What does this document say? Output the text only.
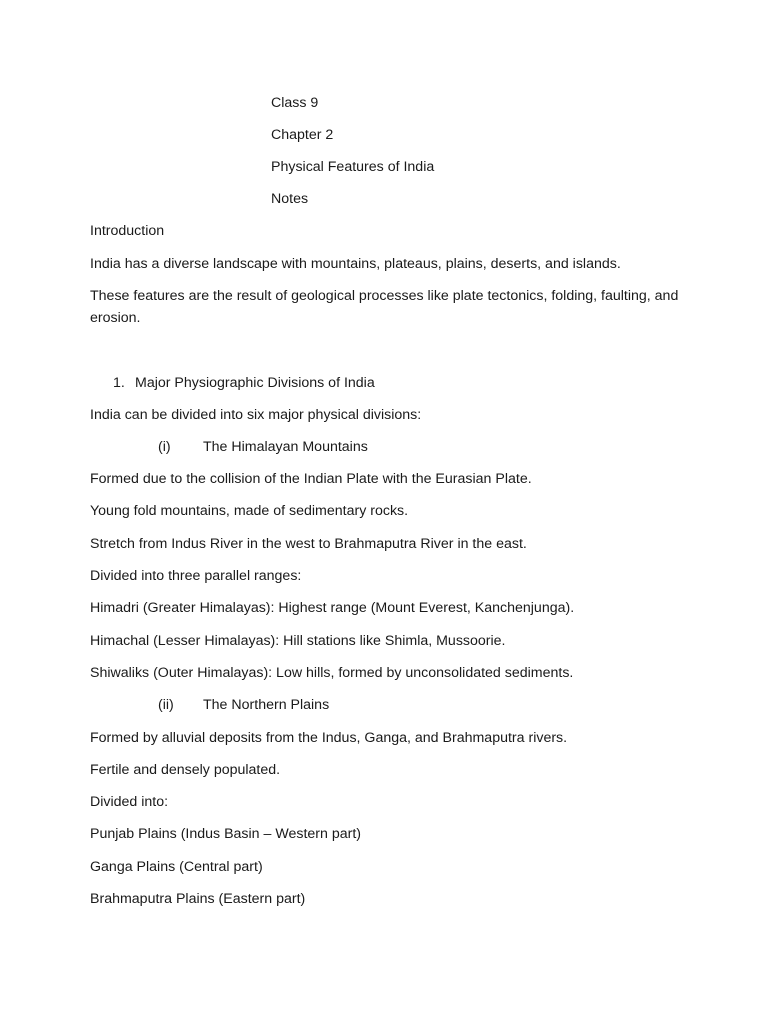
Class 9
Chapter 2
Physical Features of India
Notes
Introduction
India has a diverse landscape with mountains, plateaus, plains, deserts, and islands.
These features are the result of geological processes like plate tectonics, folding, faulting, and erosion.
1. Major Physiographic Divisions of India
India can be divided into six major physical divisions:
(i) The Himalayan Mountains
Formed due to the collision of the Indian Plate with the Eurasian Plate.
Young fold mountains, made of sedimentary rocks.
Stretch from Indus River in the west to Brahmaputra River in the east.
Divided into three parallel ranges:
Himadri (Greater Himalayas): Highest range (Mount Everest, Kanchenjunga).
Himachal (Lesser Himalayas): Hill stations like Shimla, Mussoorie.
Shiwaliks (Outer Himalayas): Low hills, formed by unconsolidated sediments.
(ii) The Northern Plains
Formed by alluvial deposits from the Indus, Ganga, and Brahmaputra rivers.
Fertile and densely populated.
Divided into:
Punjab Plains (Indus Basin – Western part)
Ganga Plains (Central part)
Brahmaputra Plains (Eastern part)
